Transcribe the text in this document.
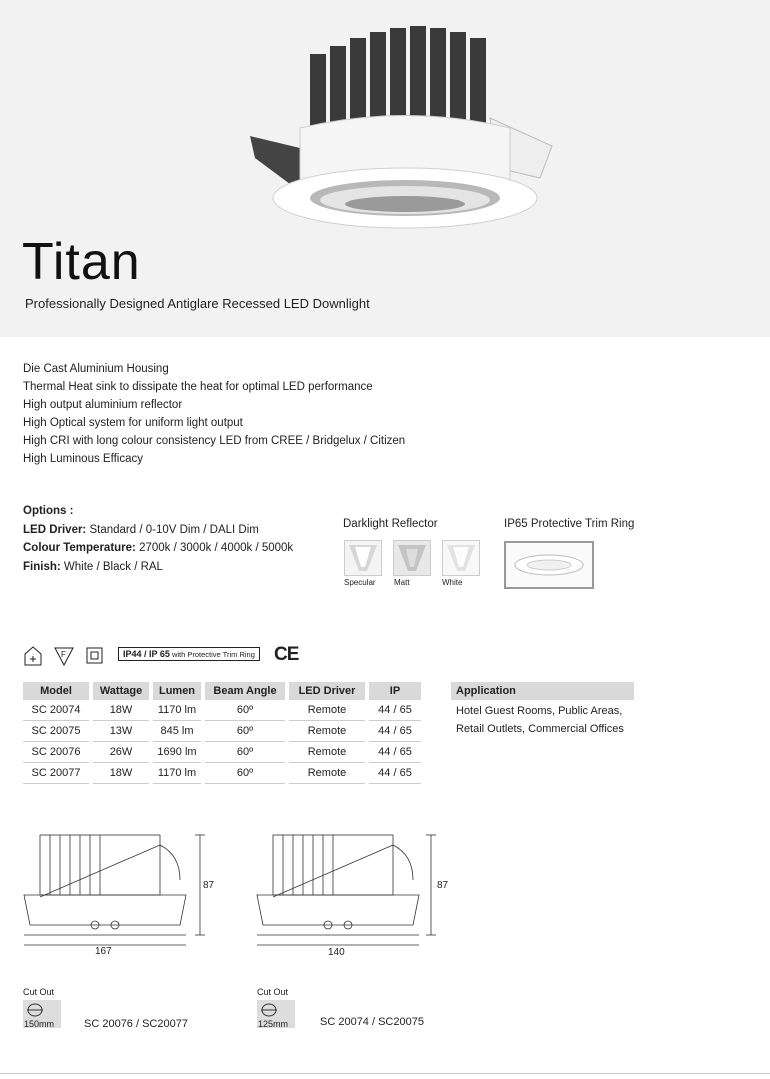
Titan
Professionally Designed Antiglare Recessed LED Downlight
Die Cast Aluminium Housing
Thermal Heat sink to dissipate the heat for optimal LED performance
High output aluminium reflector
High Optical system for uniform light output
High CRI with long colour consistency LED from CREE / Bridgelux / Citizen
High Luminous Efficacy
Options :
LED Driver: Standard / 0-10V Dim / DALI Dim
Colour Temperature: 2700k / 3000k / 4000k / 5000k
Finish: White / Black / RAL
Darklight Reflector	IP65 Protective Trim Ring
Specular	Matt	White
F	IP44 / IP 65 with Protective Trim Ring CE
Model	Wattage	Lumen	Beam Angle	LED Driver	IP
SC 20074	18W	1170 lm	60º	Remote	44 / 65
SC 20075	13W	845 lm	60º	Remote	44 / 65
SC 20076	26W	1690 lm	60º	Remote	44 / 65
SC 20077	18W	1170 lm	60º	Remote	44 / 65
Application
Hotel Guest Rooms, Public Areas, Retail Outlets, Commercial Offices
167
87
140
87
Cut Out
150mm	SC 20076 / SC20077
Cut Out
125mm	SC 20074 / SC20075
